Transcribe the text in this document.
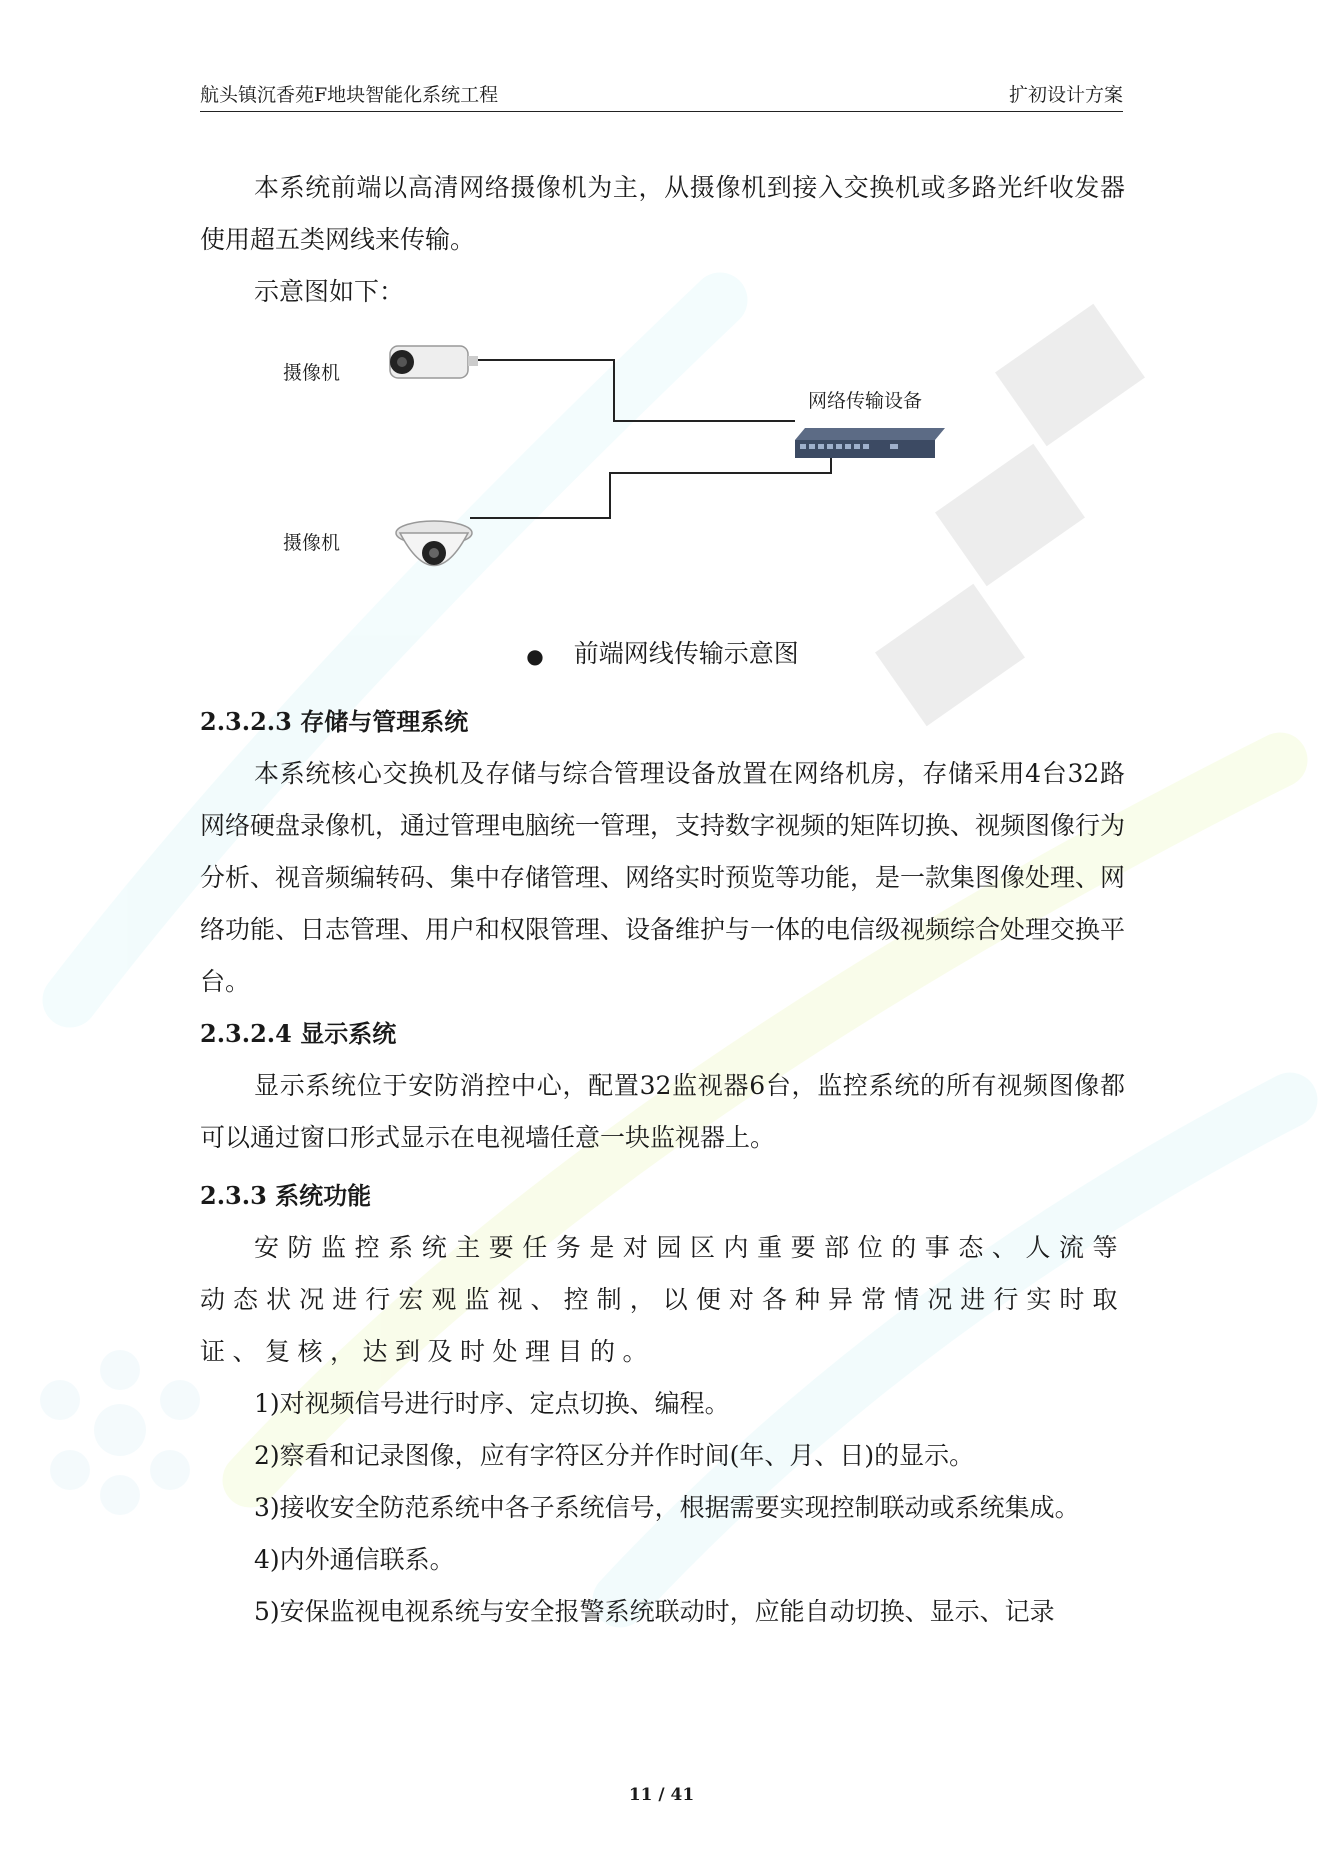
航头镇沉香苑F地块智能化系统工程	扩初设计方案

本系统前端以高清网络摄像机为主，从摄像机到接入交换机或多路光纤收发器使用超五类网线来传输。

示意图如下：

摄像机
摄像机
网络传输设备

● 前端网线传输示意图

2.3.2.3 存储与管理系统

本系统核心交换机及存储与综合管理设备放置在网络机房，存储采用4台32路网络硬盘录像机，通过管理电脑统一管理，支持数字视频的矩阵切换、视频图像行为分析、视音频编转码、集中存储管理、网络实时预览等功能，是一款集图像处理、网络功能、日志管理、用户和权限管理、设备维护与一体的电信级视频综合处理交换平台。

2.3.2.4 显示系统

显示系统位于安防消控中心，配置32监视器6台，监控系统的所有视频图像都可以通过窗口形式显示在电视墙任意一块监视器上。

2.3.3 系统功能

安防监控系统主要任务是对园区内重要部位的事态、人流等动态状况进行宏观监视、控制，以便对各种异常情况进行实时取证、复核，达到及时处理目的。

1)对视频信号进行时序、定点切换、编程。

2)察看和记录图像，应有字符区分并作时间(年、月、日)的显示。

3)接收安全防范系统中各子系统信号，根据需要实现控制联动或系统集成。

4)内外通信联系。

5)安保监视电视系统与安全报警系统联动时，应能自动切换、显示、记录

11 / 41
